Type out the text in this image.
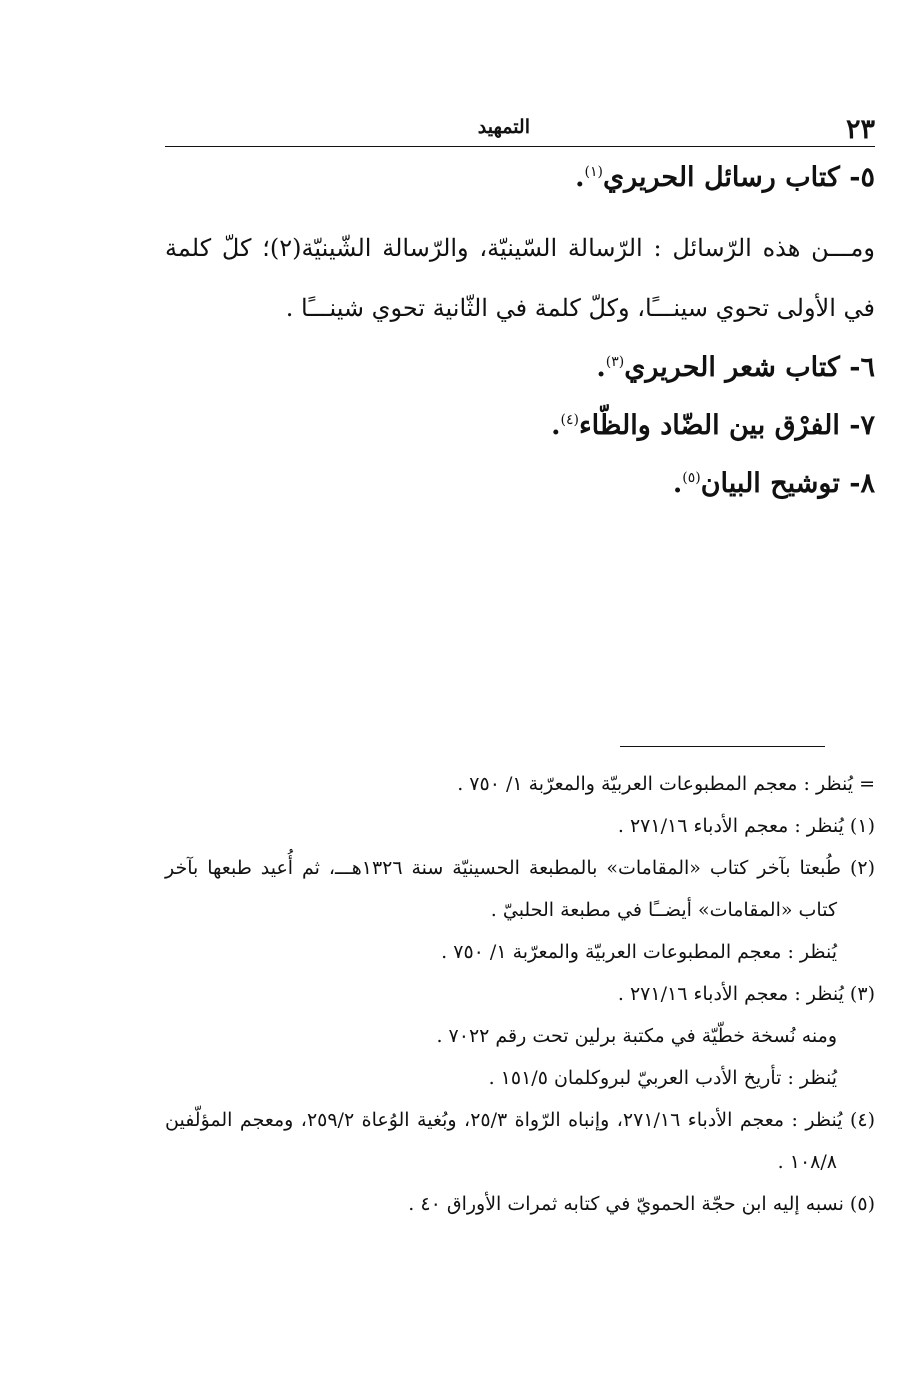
٢٣
التمهيد

٥- كتاب رسائل الحريري$^{(١)}$.

ومـــن هذه الرّسائل : الرّسالة السّينيّة، والرّسالة الشّينيّة(٢)؛ كلّ كلمة في الأولى تحوي سينـــًا، وكلّ كلمة في الثّانية تحوي شينـــًا .

٦- كتاب شعر الحريري$^{(٣)}$.

٧- الفرْق بين الضّاد والظّاء$^{(٤)}$.

٨- توشيح البيان$^{(٥)}$.

= يُنظر : معجم المطبوعات العربيّة والمعرّبة ١/ ٧٥٠ .

(١) يُنظر : معجم الأدباء ٢٧١/١٦ .

(٢) طُبعتا بآخر كتاب «المقامات» بالمطبعة الحسينيّة سنة ١٣٢٦هـــ، ثم أُعيد طبعها بآخر كتاب «المقامات» أيضــًا في مطبعة الحلبيّ .

يُنظر : معجم المطبوعات العربيّة والمعرّبة ١/ ٧٥٠ .

(٣) يُنظر : معجم الأدباء ٢٧١/١٦ .

ومنه نُسخة خطّيّة في مكتبة برلين تحت رقم ٧٠٢٢ .

يُنظر : تأريخ الأدب العربيّ لبروكلمان ١٥١/٥ .

(٤) يُنظر : معجم الأدباء ٢٧١/١٦، وإنباه الرّواة ٢٥/٣، وبُغية الوُعاة ٢٥٩/٢، ومعجم المؤلّفين ١٠٨/٨ .

(٥) نسبه إليه ابن حجّة الحمويّ في كتابه ثمرات الأوراق ٤٠ .
